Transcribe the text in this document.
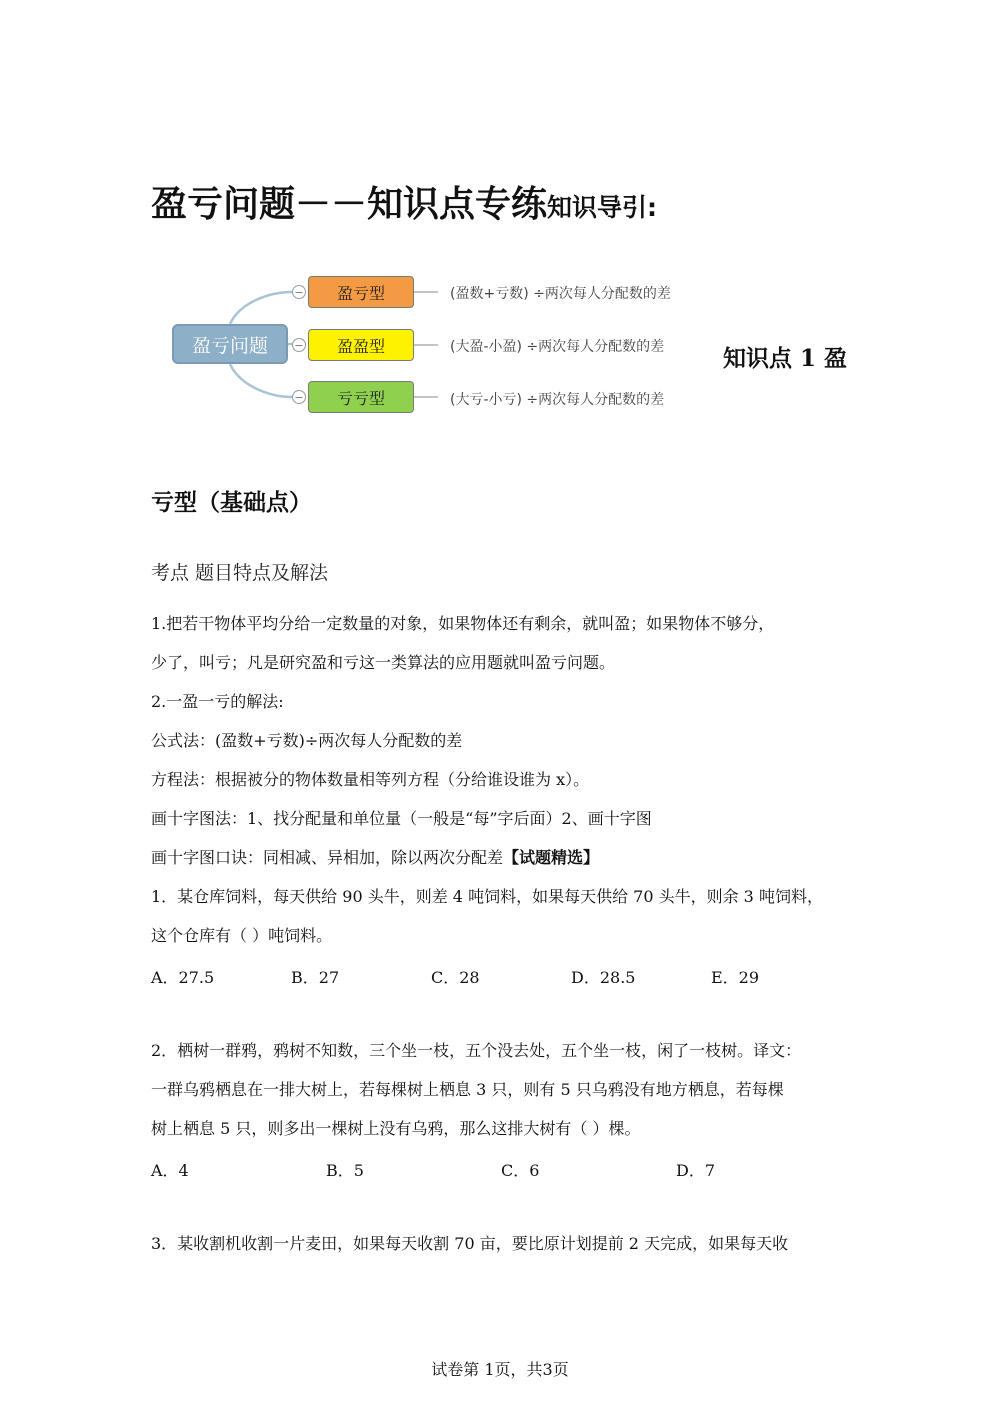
盈亏问题－－知识点专练知识导引:
盈亏问题
−
−
−
盈亏型
盈盈型
亏亏型
(盈数+亏数) ÷两次每人分配数的差
(大盈-小盈) ÷两次每人分配数的差
(大亏-小亏) ÷两次每人分配数的差
知识点 1 盈
亏型（基础点）
考点 题目特点及解法
1.把若干物体平均分给一定数量的对象，如果物体还有剩余，就叫盈；如果物体不够分，
少了，叫亏；凡是研究盈和亏这一类算法的应用题就叫盈亏问题。
2.一盈一亏的解法:
公式法：(盈数+亏数)÷两次每人分配数的差
方程法：根据被分的物体数量相等列方程（分给谁设谁为 x）。
画十字图法：1、找分配量和单位量（一般是“每”字后面）2、画十字图
画十字图口诀：同相减、异相加，除以两次分配差【试题精选】
1．某仓库饲料，每天供给 90 头牛，则差 4 吨饲料，如果每天供给 70 头牛，则余 3 吨饲料，
这个仓库有（ ）吨饲料。
A．27.5	B．27	C．28	D．28.5	E．29
2．栖树一群鸦，鸦树不知数，三个坐一枝，五个没去处，五个坐一枝，闲了一枝树。译文：
一群乌鸦栖息在一排大树上，若每棵树上栖息 3 只，则有 5 只乌鸦没有地方栖息，若每棵
树上栖息 5 只，则多出一棵树上没有乌鸦，那么这排大树有（ ）棵。
A．4	B．5	C．6	D．7
3．某收割机收割一片麦田，如果每天收割 70 亩，要比原计划提前 2 天完成，如果每天收
试卷第 1页，共3页
